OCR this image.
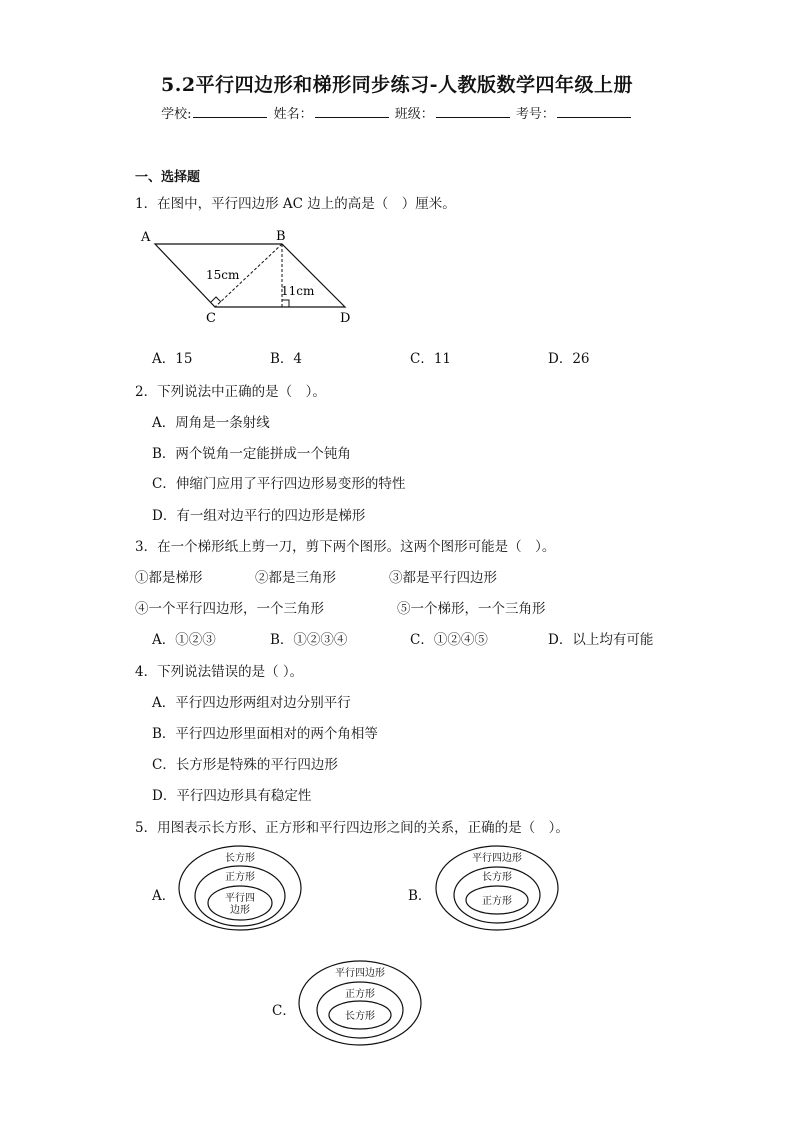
5.2平行四边形和梯形同步练习-人教版数学四年级上册
学校:	姓名：	班级：	考号：
一、选择题
1．在图中，平行四边形 AC 边上的高是（　）厘米。
A	B
C	D
15cm
11cm
A．15	B．4	C．11	D．26
2．下列说法中正确的是（　）。
A．周角是一条射线
B．两个锐角一定能拼成一个钝角
C．伸缩门应用了平行四边形易变形的特性
D．有一组对边平行的四边形是梯形
3．在一个梯形纸上剪一刀，剪下两个图形。这两个图形可能是（　）。
①都是梯形	②都是三角形	③都是平行四边形
④一个平行四边形，一个三角形	⑤一个梯形，一个三角形
A．①②③	B．①②③④	C．①②④⑤	D．以上均有可能
4．下列说法错误的是（ ）。
A．平行四边形两组对边分别平行
B．平行四边形里面相对的两个角相等
C．长方形是特殊的平行四边形
D．平行四边形具有稳定性
5．用图表示长方形、正方形和平行四边形之间的关系，正确的是（　）。
A．
长方形
正方形
平行四
边形
B．
平行四边形
长方形
正方形
C．
平行四边形
正方形
长方形
